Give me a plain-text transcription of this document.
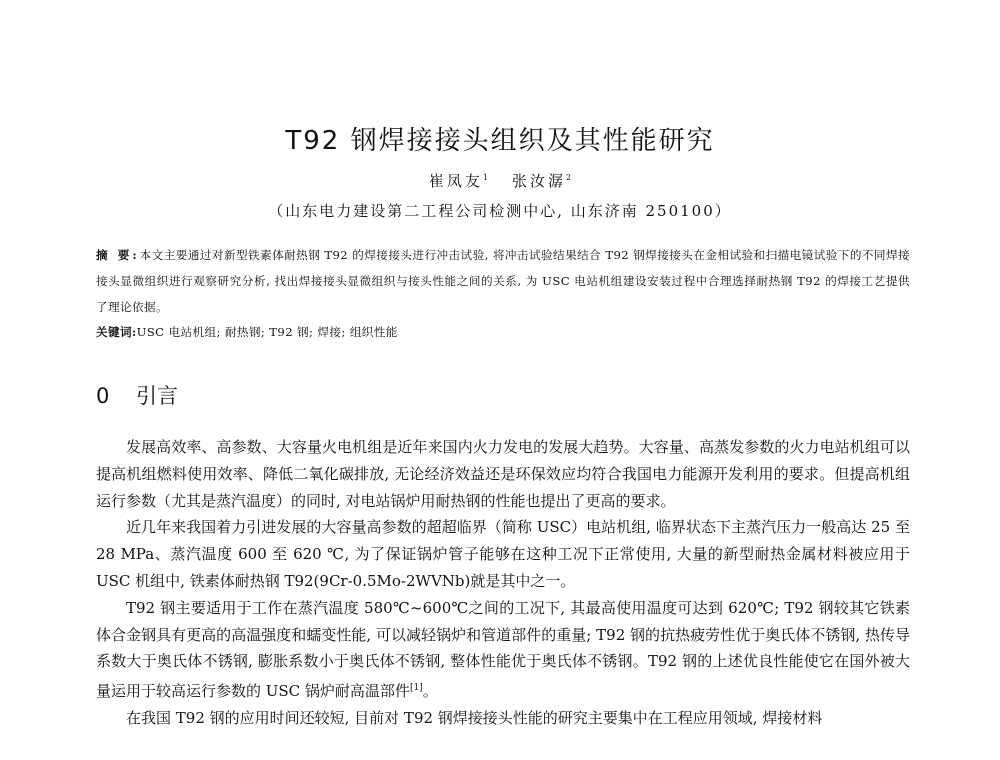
T92 钢焊接接头组织及其性能研究
崔凤友$^1$ 张汝潺$^2$
（山东电力建设第二工程公司检测中心, 山东济南 250100）
摘 要:本文主要通过对新型铁素体耐热钢 T92 的焊接接头进行冲击试验, 将冲击试验结果结合 T92 钢焊接接头在金相试验和扫描电镜试验下的不同焊接接头显微组织进行观察研究分析, 找出焊接接头显微组织与接头性能之间的关系, 为 USC 电站机组建设安装过程中合理选择耐热钢 T92 的焊接工艺提供了理论依据。
关键词:USC 电站机组; 耐热钢; T92 钢; 焊接; 组织性能
0 引言

发展高效率、高参数、大容量火电机组是近年来国内火力发电的发展大趋势。大容量、高蒸发参数的火力电站机组可以提高机组燃料使用效率、降低二氧化碳排放, 无论经济效益还是环保效应均符合我国电力能源开发利用的要求。但提高机组运行参数（尤其是蒸汽温度）的同时, 对电站锅炉用耐热钢的性能也提出了更高的要求。

近几年来我国着力引进发展的大容量高参数的超超临界（简称 USC）电站机组, 临界状态下主蒸汽压力一般高达 25 至 28 MPa、蒸汽温度 600 至 620 ℃, 为了保证锅炉管子能够在这种工况下正常使用, 大量的新型耐热金属材料被应用于 USC 机组中, 铁素体耐热钢 T92(9Cr-0.5Mo-2WVNb)就是其中之一。

T92 钢主要适用于工作在蒸汽温度 580℃~600℃之间的工况下, 其最高使用温度可达到 620℃; T92 钢较其它铁素体合金钢具有更高的高温强度和蠕变性能, 可以减轻锅炉和管道部件的重量; T92 钢的抗热疲劳性优于奥氏体不锈钢, 热传导系数大于奥氏体不锈钢, 膨胀系数小于奥氏体不锈钢, 整体性能优于奥氏体不锈钢。T92 钢的上述优良性能使它在国外被大量运用于较高运行参数的 USC 锅炉耐高温部件[1]。

在我国 T92 钢的应用时间还较短, 目前对 T92 钢焊接接头性能的研究主要集中在工程应用领域, 焊接材料
